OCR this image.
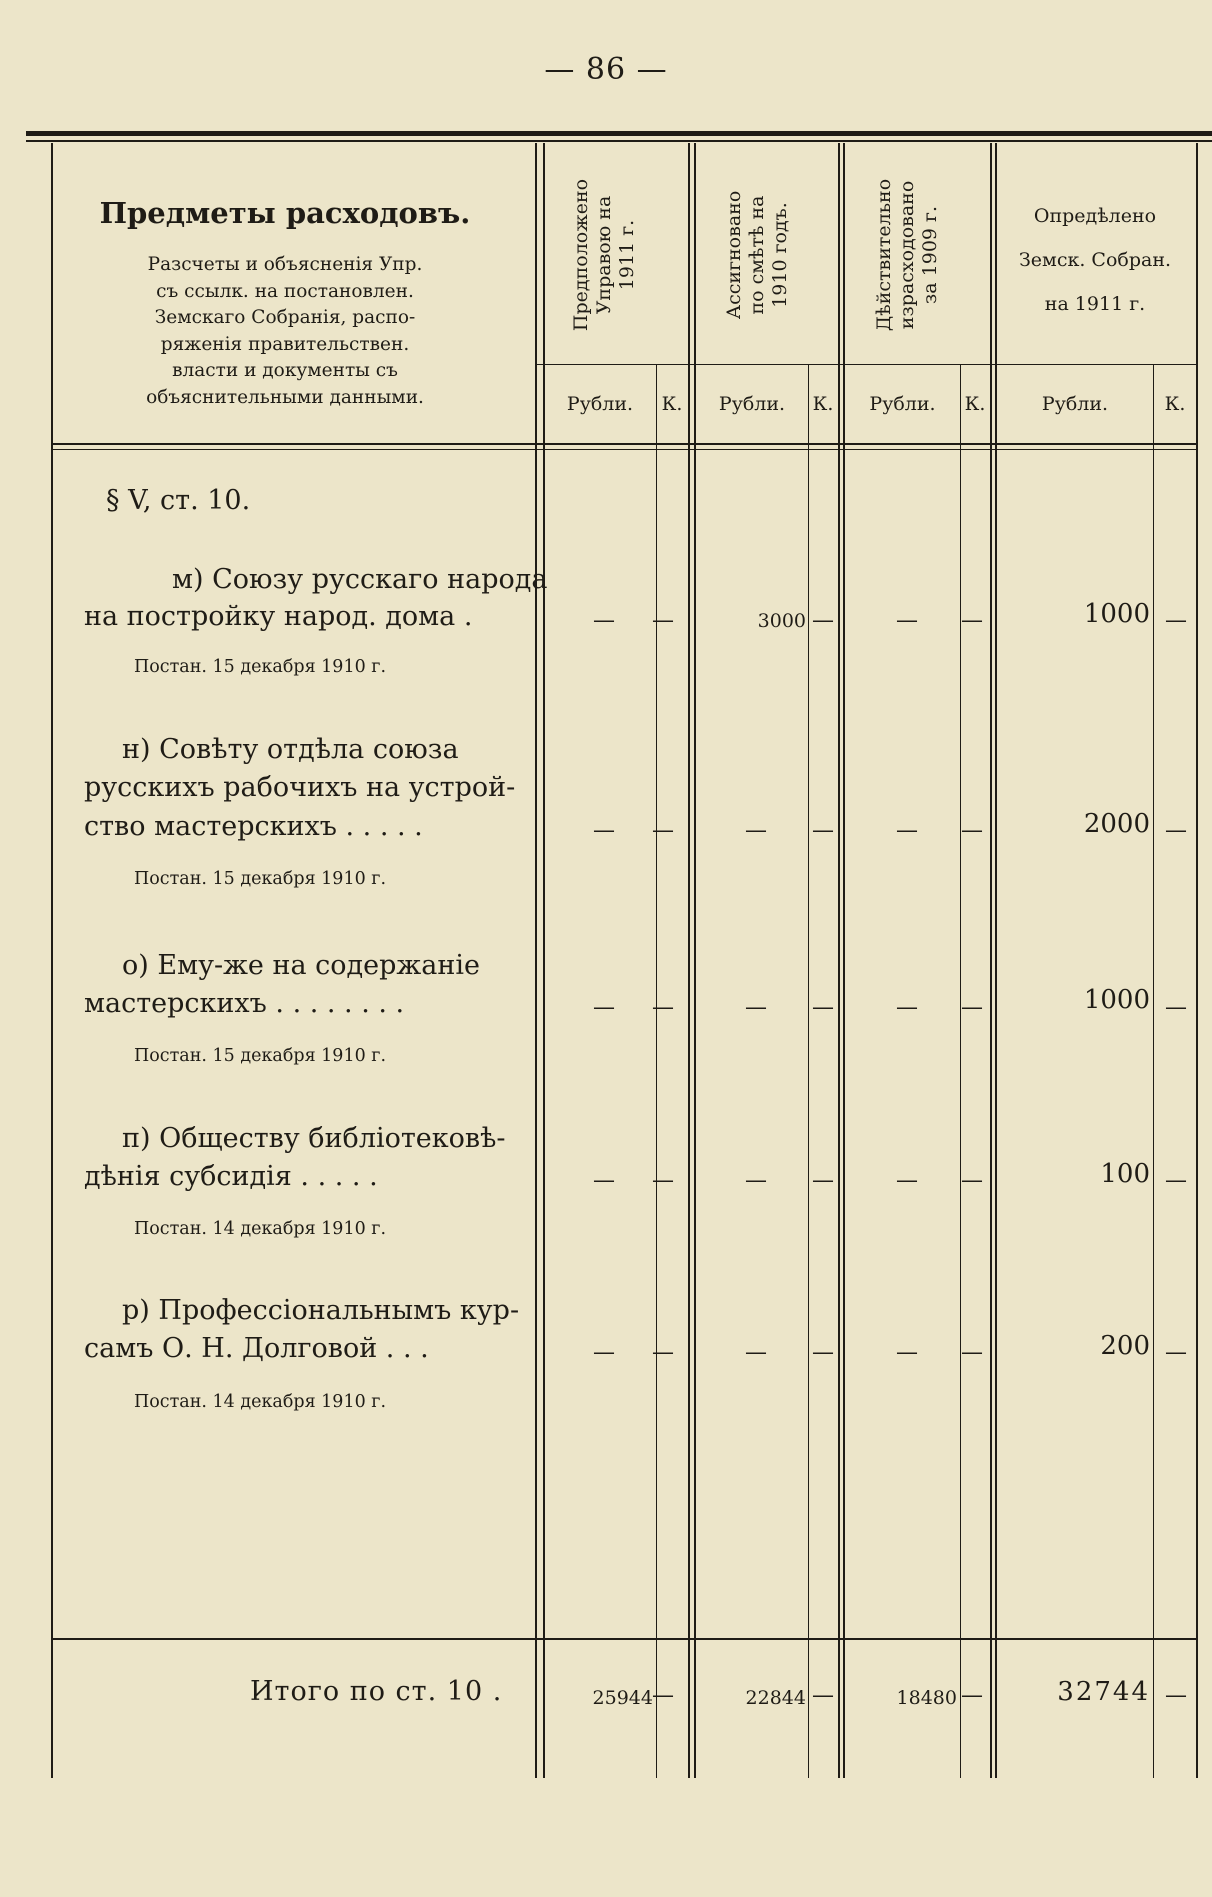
— 86 —
Предметы расходовъ.
Разсчеты и объясненія Упр.
съ ссылк. на постановлен.
Земскаго Собранія, распо-
ряженія правительствен.
власти и документы съ
объяснительными данными.
Предположено Управою на 1911 г.	Ассигновано по смѣтѣ на 1910 годъ.	Дѣйствительно израсходовано за 1909 г.	Опредѣлено
Земск. Собран.
на 1911 г.
Рубли.	К.	Рубли.	К.	Рубли.	К.	Рубли.	К.
§ V, ст. 10.
м) Союзу русскаго народа
на постройку народ. дома .
Постан. 15 декабря 1910 г.
—	—	3000 —	—	—	1000 —
н) Совѣту отдѣла союза
русскихъ рабочихъ на устрой-
ство мастерскихъ . . . . .
Постан. 15 декабря 1910 г.
—	—	—	—	—	—	2000 —
о) Ему-же на содержаніе
мастерскихъ . . . . . . . .
Постан. 15 декабря 1910 г.
—	—	—	—	—	—	1000 —
п) Обществу библіотековѣ-
дѣнія субсидія . . . . .
Постан. 14 декабря 1910 г.
—	—	—	—	—	—	100 —
р) Професcіональнымъ кур-
самъ О. Н. Долговой . . .
Постан. 14 декабря 1910 г.
—	—	—	—	—	—	200 —
Итого по ст. 10 .	25944 —	22844 —	18480 —	32744 —
